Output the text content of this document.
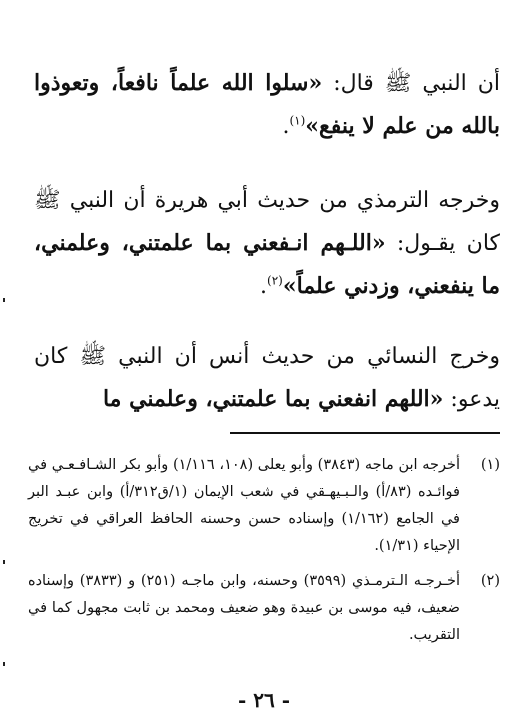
أن النبي ﷺ قال: «سلوا الله علماً نافعاً، وتعوذوا بالله من علم لا ينفع»$^{(١)}$.

وخرجه الترمذي من حديث أبي هريرة أن النبي ﷺ كان يقـول: «اللـهم انـفعني بما علمتني، وعلمني، ما ينفعني، وزدني علماً»$^{(٢)}$.

وخرج النسائي من حديث أنس أن النبي ﷺ كان يدعو: «اللهم انفعني بما علمتني، وعلمني ما

(١)
أخرجه ابن ماجه (٣٨٤٣) وأبو يعلى (١٠٨، ١/١١٦) وأبو بكر الشـافـعـي في فوائـده (٨٣/أ) والـبـيهـقي في شعب الإيمان (١/ق٣١٢/أ) وابن عبـد البر في الجامع (١/١٦٢) وإسناده حسن وحسنه الحافظ العراقي في تخريج الإحياء (١/٣١).
(٢)
أخـرجـه الـترمـذي (٣٥٩٩) وحسنه، وابن ماجـه (٢٥١) و (٣٨٣٣) وإسناده ضعيف، فيه موسى بن عبيدة وهو ضعيف ومحمد بن ثابت مجهول كما في التقريب.
- ٢٦ -
